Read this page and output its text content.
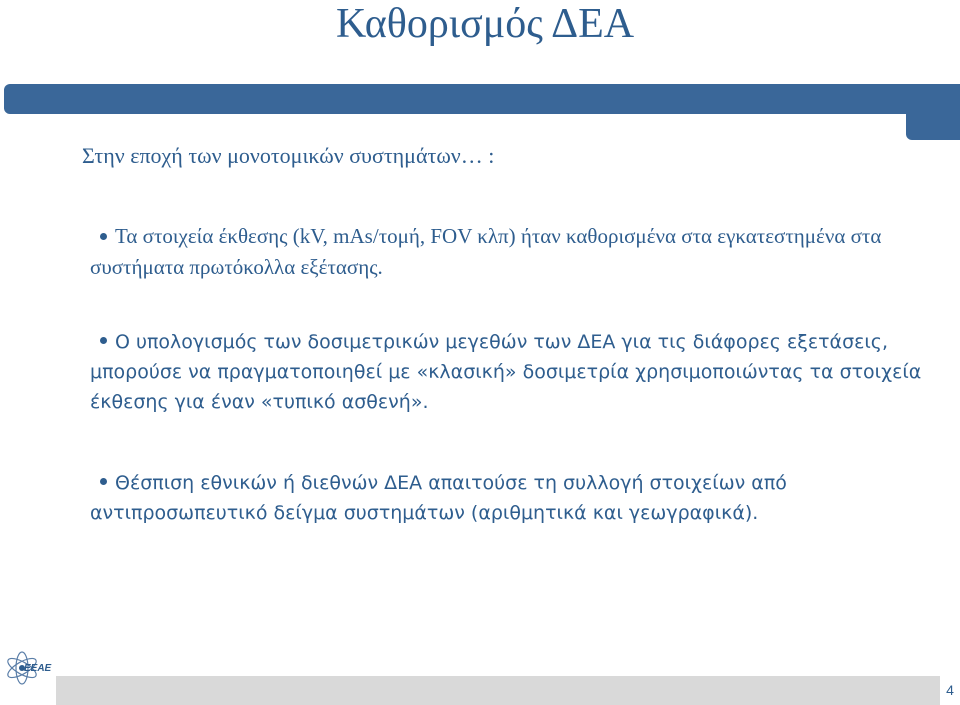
Καθορισμός ΔΕΑ
Στην εποχή των μονοτομικών συστημάτων… :
Τα στοιχεία έκθεσης (kV, mAs/τομή, FOV κλπ) ήταν καθορισμένα στα εγκατεστημένα στα συστήματα πρωτόκολλα εξέτασης.
Ο υπολογισμός των δοσιμετρικών μεγεθών των ΔΕΑ για τις διάφορες εξετάσεις, μπορούσε να πραγματοποιηθεί με «κλασική» δοσιμετρία χρησιμοποιώντας τα στοιχεία έκθεσης για έναν «τυπικό ασθενή».
Θέσπιση εθνικών ή διεθνών ΔΕΑ απαιτούσε τη συλλογή στοιχείων από αντιπροσωπευτικό δείγμα συστημάτων (αριθμητικά και γεωγραφικά).
ΕΕΑΕ
4
